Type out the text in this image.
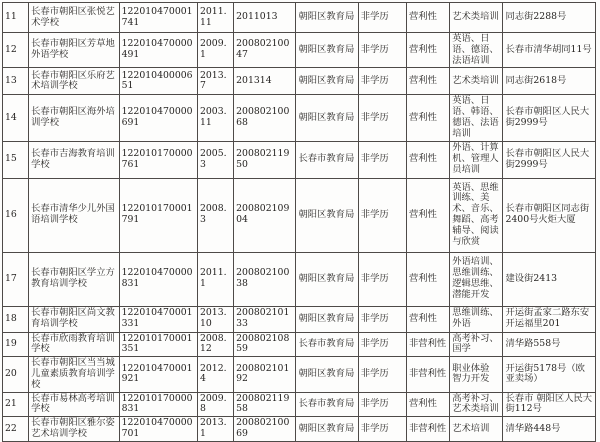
11	长春市朝阳区张悦艺术学校	122010470001741	2011.11	2011013	朝阳区教育局	非学历	营利性	艺术类培训	同志街2288号
12	长春市朝阳区芳草地外语学校	122010470000491	2009.1	20080210047	朝阳区教育局	非学历	营利性	英语、日语、德语、法语培训	长春市清华胡同11号
13	长春市朝阳区乐府艺术培训学校	12201040000651	2013.7	201314	朝阳区教育局	非学历	营利性	艺术类培训	同志街2618号
14	长春市朝阳区海外培训学校	122010470000691	2003.11	20080210068	朝阳区教育局	非学历	营利性	英语、日语、韩语、德语、法语培训	长春市朝阳区人民大街2999号
15	长春市吉海教育培训学校	122010170000761	2005.3	20080211950	长春市教育局	非学历	营利性	外语、计算机、管理人员培训	长春市朝阳区人民大街2999号
16	长春市清华少儿外国语培训学校	122010170001791	2008.3	20080210904	朝阳区教育局	非学历	营利性	英语、思维训练、美术、音乐、舞蹈、高考辅导、阅读与欣赏	长春市朝阳区同志街2400号火炬大厦
17	长春市朝阳区学立方教育培训学校	122010470000831	2011.1	20080210038	朝阳区教育局	非学历	营利性	外语培训、思维训练、逻辑思维、潜能开发	建设街2413
18	长春市朝阳区尚文教育培训学校	122010470001331	2013.10	20080210133	朝阳区教育局	非学历	营利性	思维训练、外语	开运街孟家二路东安开运福里201
19	长春市欣雨教育培训学校	122010170001351	2008.12	20080210859	长春市教育局	非学历	非营利性	高考补习、国学	清华路558号
20	长春市朝阳区当当城儿童素质教育培训学校	122010470001921	2012.4	20080210192	朝阳区教育局	非学历	非营利性	职业体验 智力开发	开运街5178号（欧亚卖场）
21	长春市易林高考培训学校	122010170000831	2009.8	20080211958	长春市教育局	非学历	营利性	高考补习、艺术类培训	长春市 朝阳区人民大街112号
22	长春市朝阳区雅尔姿艺术培训学校	122010470000701	2013.1	20080210069	朝阳区教育局	非学历	非营利性	艺术培训	清华路448号
